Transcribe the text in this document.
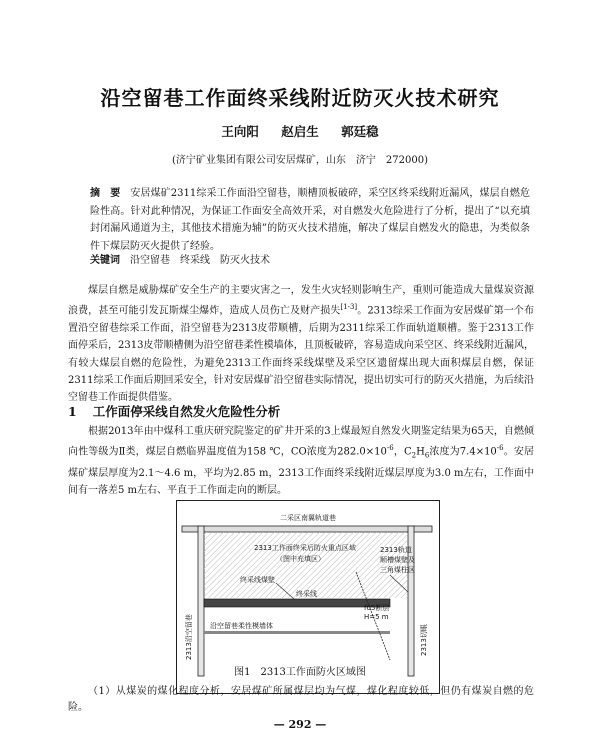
沿空留巷工作面终采线附近防灭火技术研究
王向阳 赵启生 郭廷稳
(济宁矿业集团有限公司安居煤矿，山东　济宁　272000)
摘　要 安居煤矿2311综采工作面沿空留巷，顺槽顶板破碎，采空区终采线附近漏风，煤层自燃危险性高。针对此种情况，为保证工作面安全高效开采，对自燃发火危险进行了分析，提出了“以充填封闭漏风通道为主，其他技术措施为辅”的防灭火技术措施，解决了煤层自燃发火的隐患，为类似条件下煤层防灭火提供了经验。
关键词 沿空留巷　终采线　防灭火技术
煤层自燃是威胁煤矿安全生产的主要灾害之一，发生火灾轻则影响生产，重则可能造成大量煤炭资源浪费，甚至可能引发瓦斯煤尘爆炸，造成人员伤亡及财产损失[1-3]。2313综采工作面为安居煤矿第一个布置沿空留巷综采工作面，沿空留巷为2313皮带顺槽，后期为2311综采工作面轨道顺槽。鉴于2313工作面停采后，2313皮带顺槽侧为沿空留巷柔性模墙体，且顶板破碎，容易造成向采空区、终采线附近漏风，有较大煤层自燃的危险性，为避免2313工作面终采线煤壁及采空区遗留煤出现大面积煤层自燃，保证2311综采工作面后期回采安全，针对安居煤矿沿空留巷实际情况，提出切实可行的防灭火措施，为后续沿空留巷工作面提供借鉴。
1 工作面停采线自然发火危险性分析
根据2013年由中煤科工重庆研究院鉴定的矿井开采的3上煤最短自然发火期鉴定结果为65天，自燃倾向性等级为Ⅱ类，煤层自燃临界温度值为158 ℃，CO浓度为$282.0\times 10^{-6}$，$C_2H_6$浓度为$7.4\times 10^{-6}$。安居煤矿煤层厚度为2.1～4.6 m，平均为2.85 m，2313工作面终采线附近煤层厚度为3.0 m左右，工作面中间有一落差5 m左右、平直于工作面走向的断层。
二采区南翼轨道巷
2313工作面终采后防火重点区域
（图中充填区）
2313轨道
顺槽煤壁及
三角煤柱区
终采线煤壁
终采线
f05断层
H=5 m
沿空留巷柔性模墙体
2313沿空留巷	2313切眼
图1　2313工作面防火区域图
（1）从煤炭的煤化程度分析，安居煤矿所属煤层均为气煤，煤化程度较低，但仍有煤炭自燃的危险。
— 292 —
